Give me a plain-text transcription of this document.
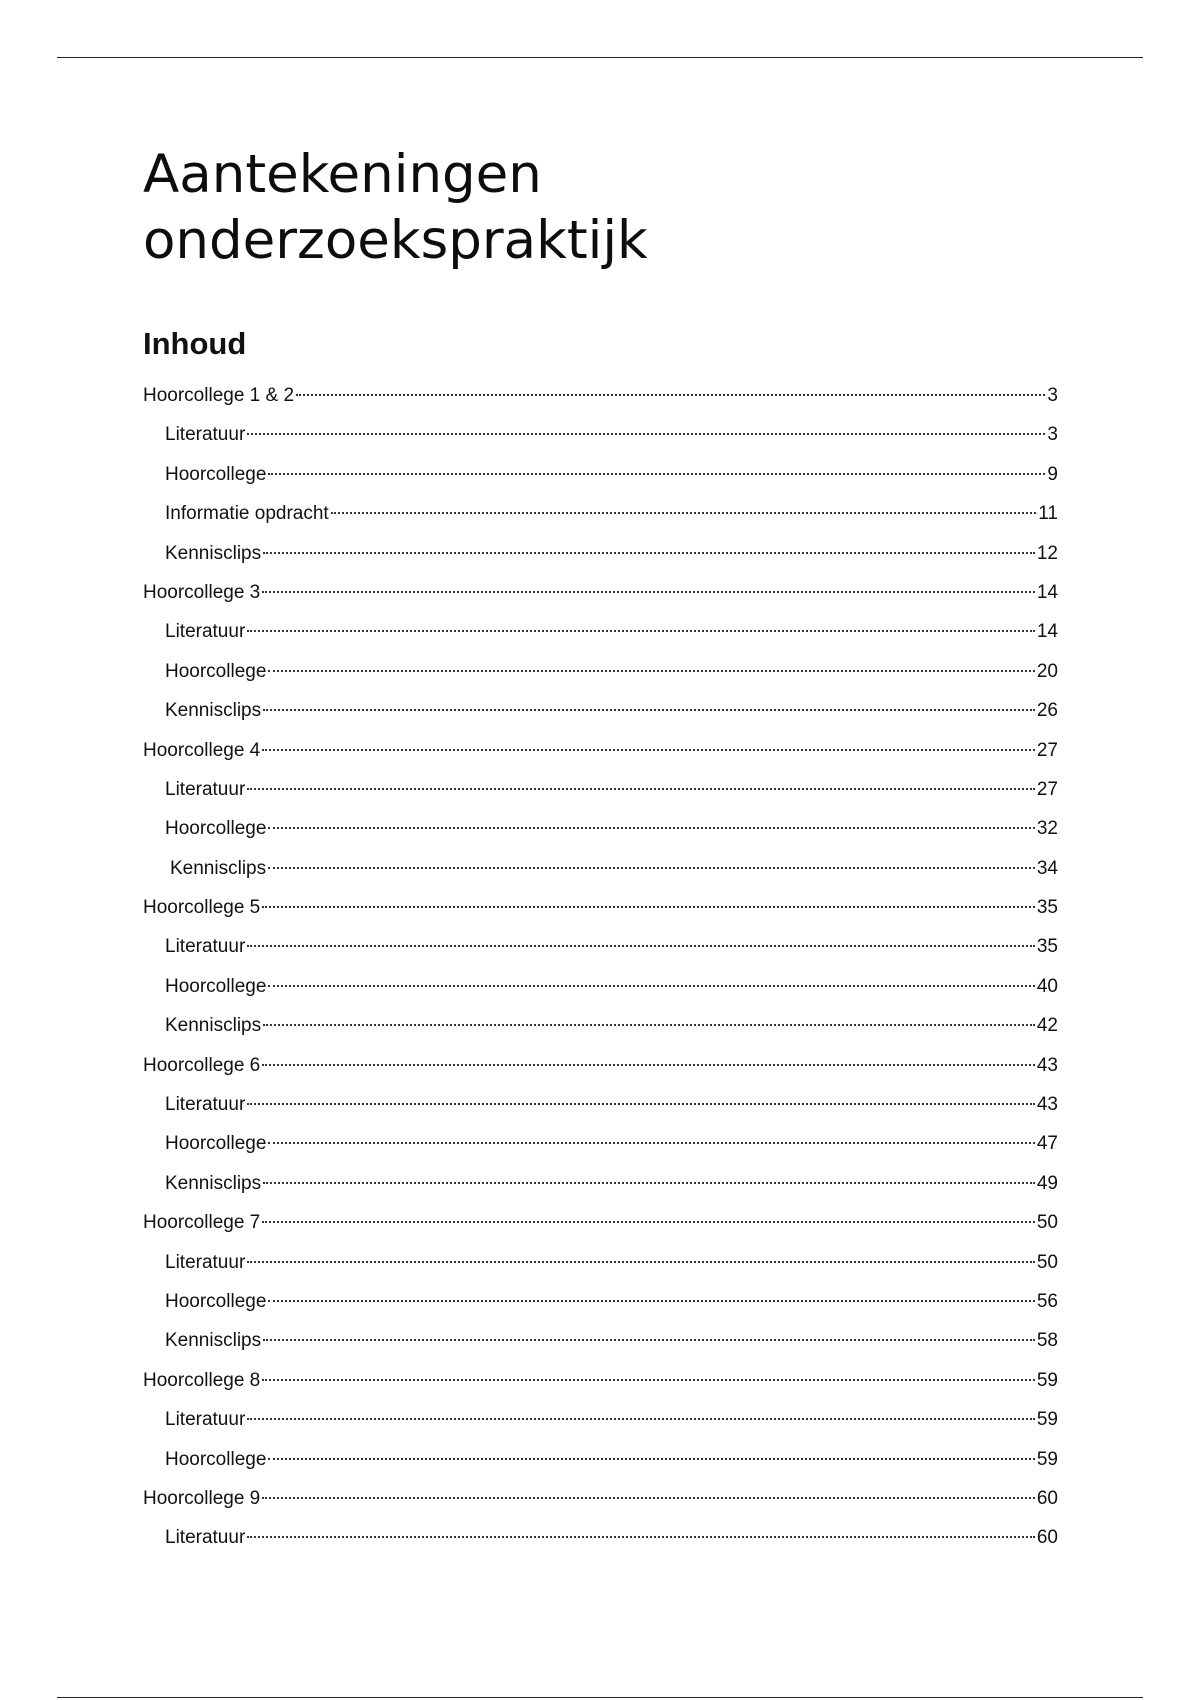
Aantekeningen
onderzoekspraktijk
Inhoud
Hoorcollege 1 & 2	3
Literatuur	3
Hoorcollege	9
Informatie opdracht	11
Kennisclips	12
Hoorcollege 3	14
Literatuur	14
Hoorcollege	20
Kennisclips	26
Hoorcollege 4	27
Literatuur	27
Hoorcollege	32
Kennisclips	34
Hoorcollege 5	35
Literatuur	35
Hoorcollege	40
Kennisclips	42
Hoorcollege 6	43
Literatuur	43
Hoorcollege	47
Kennisclips	49
Hoorcollege 7	50
Literatuur	50
Hoorcollege	56
Kennisclips	58
Hoorcollege 8	59
Literatuur	59
Hoorcollege	59
Hoorcollege 9	60
Literatuur	60
